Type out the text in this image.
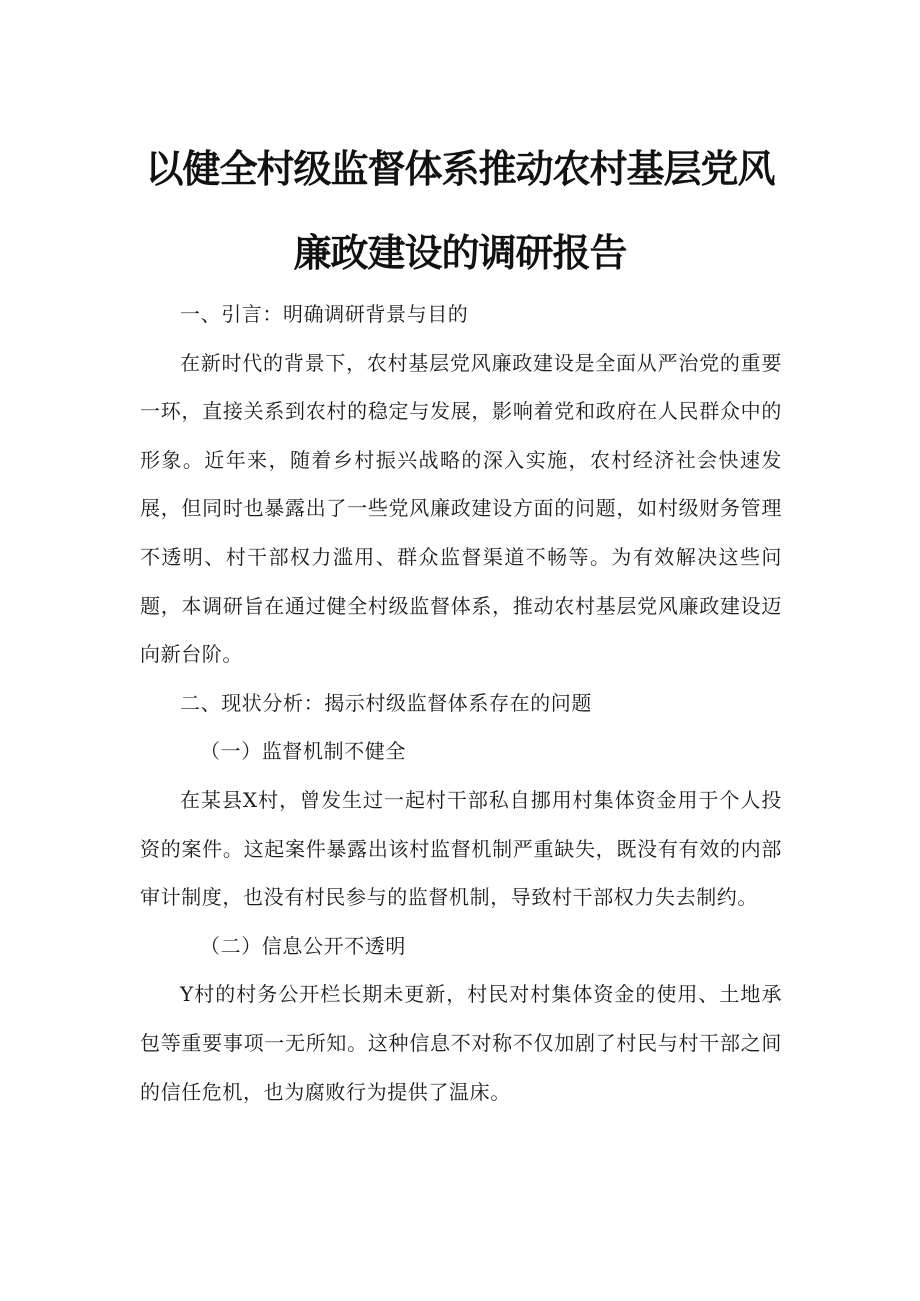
以健全村级监督体系推动农村基层党风
廉政建设的调研报告

一、引言：明确调研背景与目的

在新时代的背景下，农村基层党风廉政建设是全面从严治党的重要一环，直接关系到农村的稳定与发展，影响着党和政府在人民群众中的形象。近年来，随着乡村振兴战略的深入实施，农村经济社会快速发展，但同时也暴露出了一些党风廉政建设方面的问题，如村级财务管理不透明、村干部权力滥用、群众监督渠道不畅等。为有效解决这些问题，本调研旨在通过健全村级监督体系，推动农村基层党风廉政建设迈向新台阶。

二、现状分析：揭示村级监督体系存在的问题

（一）监督机制不健全

在某县X村，曾发生过一起村干部私自挪用村集体资金用于个人投资的案件。这起案件暴露出该村监督机制严重缺失，既没有有效的内部审计制度，也没有村民参与的监督机制，导致村干部权力失去制约。

（二）信息公开不透明

Y村的村务公开栏长期未更新，村民对村集体资金的使用、土地承包等重要事项一无所知。这种信息不对称不仅加剧了村民与村干部之间的信任危机，也为腐败行为提供了温床。
